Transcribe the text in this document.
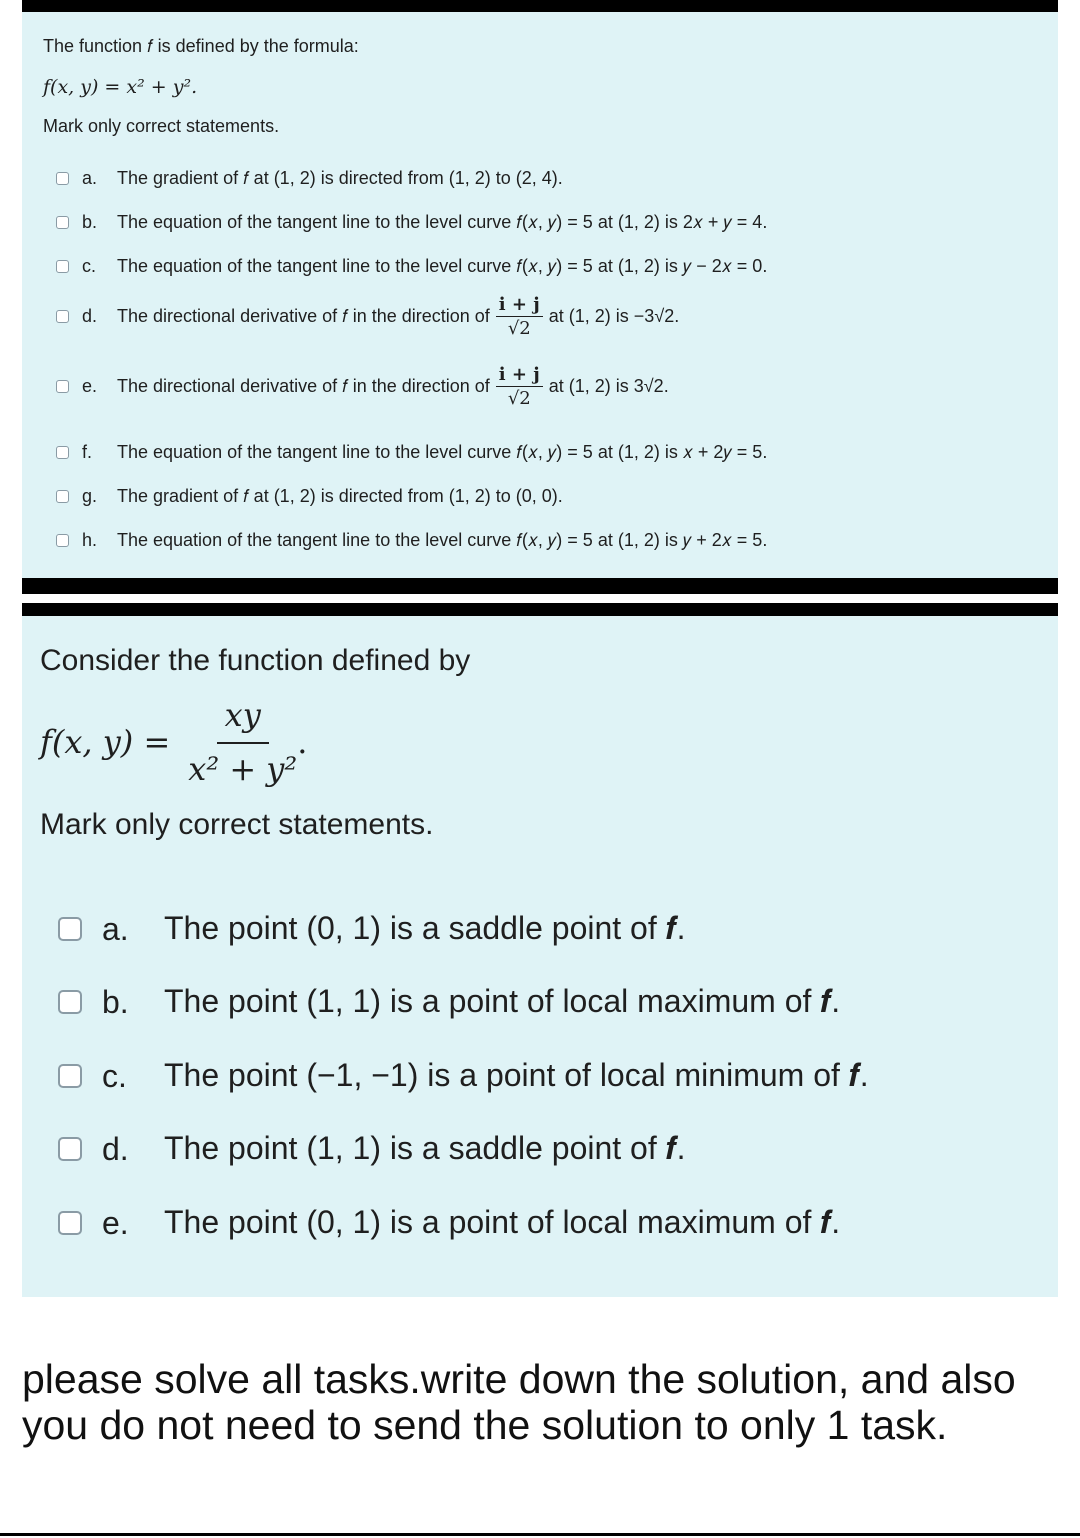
The function 𝑓 is defined by the formula:
f(x, y) = x² + y².
Mark only correct statements.
a.	The gradient of 𝑓 at (1, 2) is directed from (1, 2) to (2, 4).
b.	The equation of the tangent line to the level curve 𝑓(𝑥, 𝑦) = 5 at (1, 2) is 2𝑥 + 𝑦 = 4.
c.	The equation of the tangent line to the level curve 𝑓(𝑥, 𝑦) = 5 at (1, 2) is 𝑦 − 2𝑥 = 0.
d.	The directional derivative of 𝑓 in the direction of $\frac{i + j}{√2}$ at (1, 2) is −3√2.
e.	The directional derivative of 𝑓 in the direction of $\frac{i + j}{√2}$ at (1, 2) is 3√2.
f.	The equation of the tangent line to the level curve 𝑓(𝑥, 𝑦) = 5 at (1, 2) is 𝑥 + 2𝑦 = 5.
g.	The gradient of 𝑓 at (1, 2) is directed from (1, 2) to (0, 0).
h.	The equation of the tangent line to the level curve 𝑓(𝑥, 𝑦) = 5 at (1, 2) is 𝑦 + 2𝑥 = 5.
Consider the function defined by
f(x, $y) = \frac{xy}{\text{x² + y²}}$ .
Mark only correct statements.
a.	The point (0, 1) is a saddle point of 𝒇.
b.	The point (1, 1) is a point of local maximum of 𝒇.
c.	The point (−1, −1) is a point of local minimum of 𝒇.
d.	The point (1, 1) is a saddle point of 𝒇.
e.	The point (0, 1) is a point of local maximum of 𝒇.
please solve all tasks.write down the solution, and also you do not need to send the solution to only 1 task.
